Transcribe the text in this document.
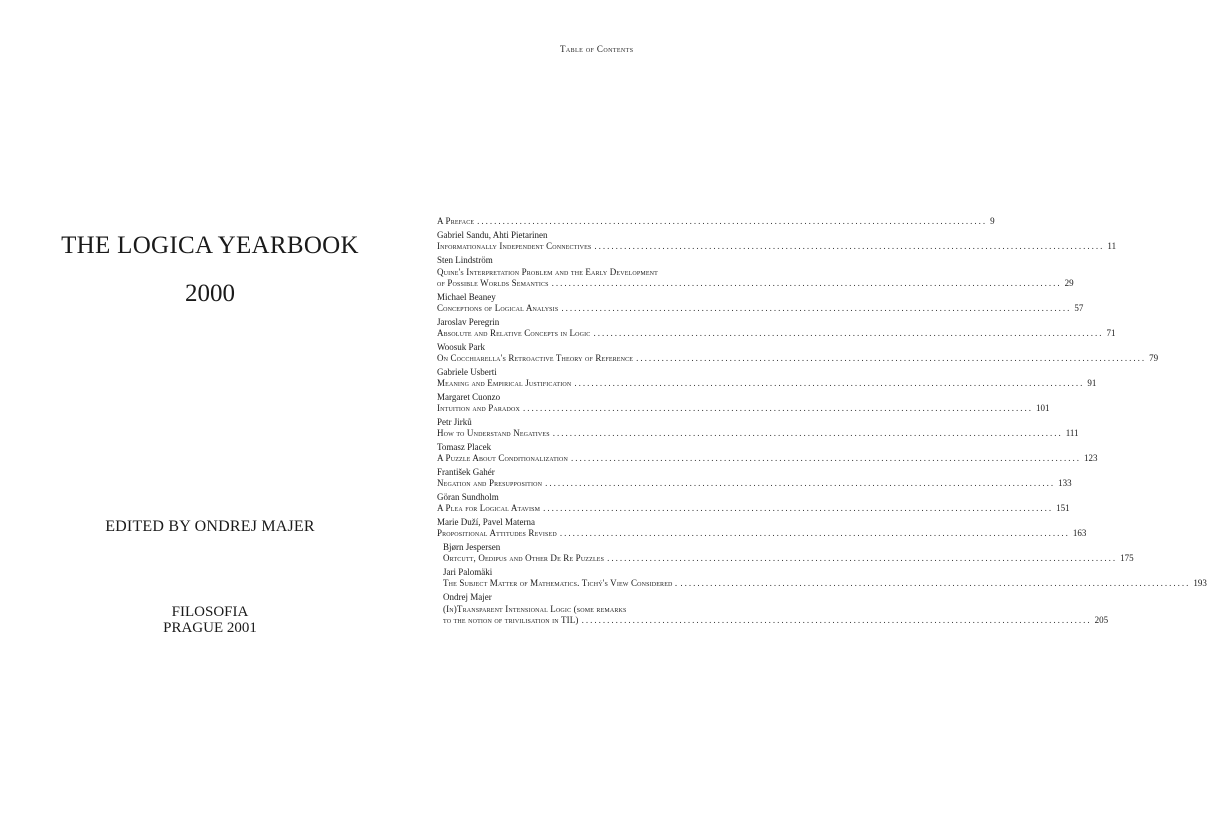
THE LOGICA YEARBOOK
2000
EDITED BY ONDREJ MAJER
FILOSOFIA
PRAGUE 2001
Table of Contents
A Preface ........................................................................................................................ 9
Gabriel Sandu, Ahti Pietarinen
Informationally Independent Connectives ........................................................................................................................ 11
Sten Lindström
Quine's Interpretation Problem and the Early Development
of Possible Worlds Semantics ........................................................................................................................ 29
Michael Beaney
Conceptions of Logical Analysis ........................................................................................................................ 57
Jaroslav Peregrin
Absolute and Relative Concepts in Logic ........................................................................................................................ 71
Woosuk Park
On Cocchiarella's Retroactive Theory of Reference ........................................................................................................................ 79
Gabriele Usberti
Meaning and Empirical Justification ........................................................................................................................ 91
Margaret Cuonzo
Intuition and Paradox ........................................................................................................................ 101
Petr Jirků
How to Understand Negatives ........................................................................................................................ 111
Tomasz Placek
A Puzzle About Conditionalization ........................................................................................................................ 123
František Gahér
Negation and Presupposition ........................................................................................................................ 133
Göran Sundholm
A Plea for Logical Atavism ........................................................................................................................ 151
Marie Duží, Pavel Materna
Propositional Attitudes Revised ........................................................................................................................ 163
Bjørn Jespersen
Ortcutt, Oedipus and Other De Re Puzzles ........................................................................................................................ 175
Jari Palomäki
The Subject Matter of Mathematics. Tichý's View Considered . ........................................................................................................................ 193
Ondrej Majer
(In)Transparent Intensional Logic (some remarks
to the notion of trivilisation in TIL) ........................................................................................................................ 205
